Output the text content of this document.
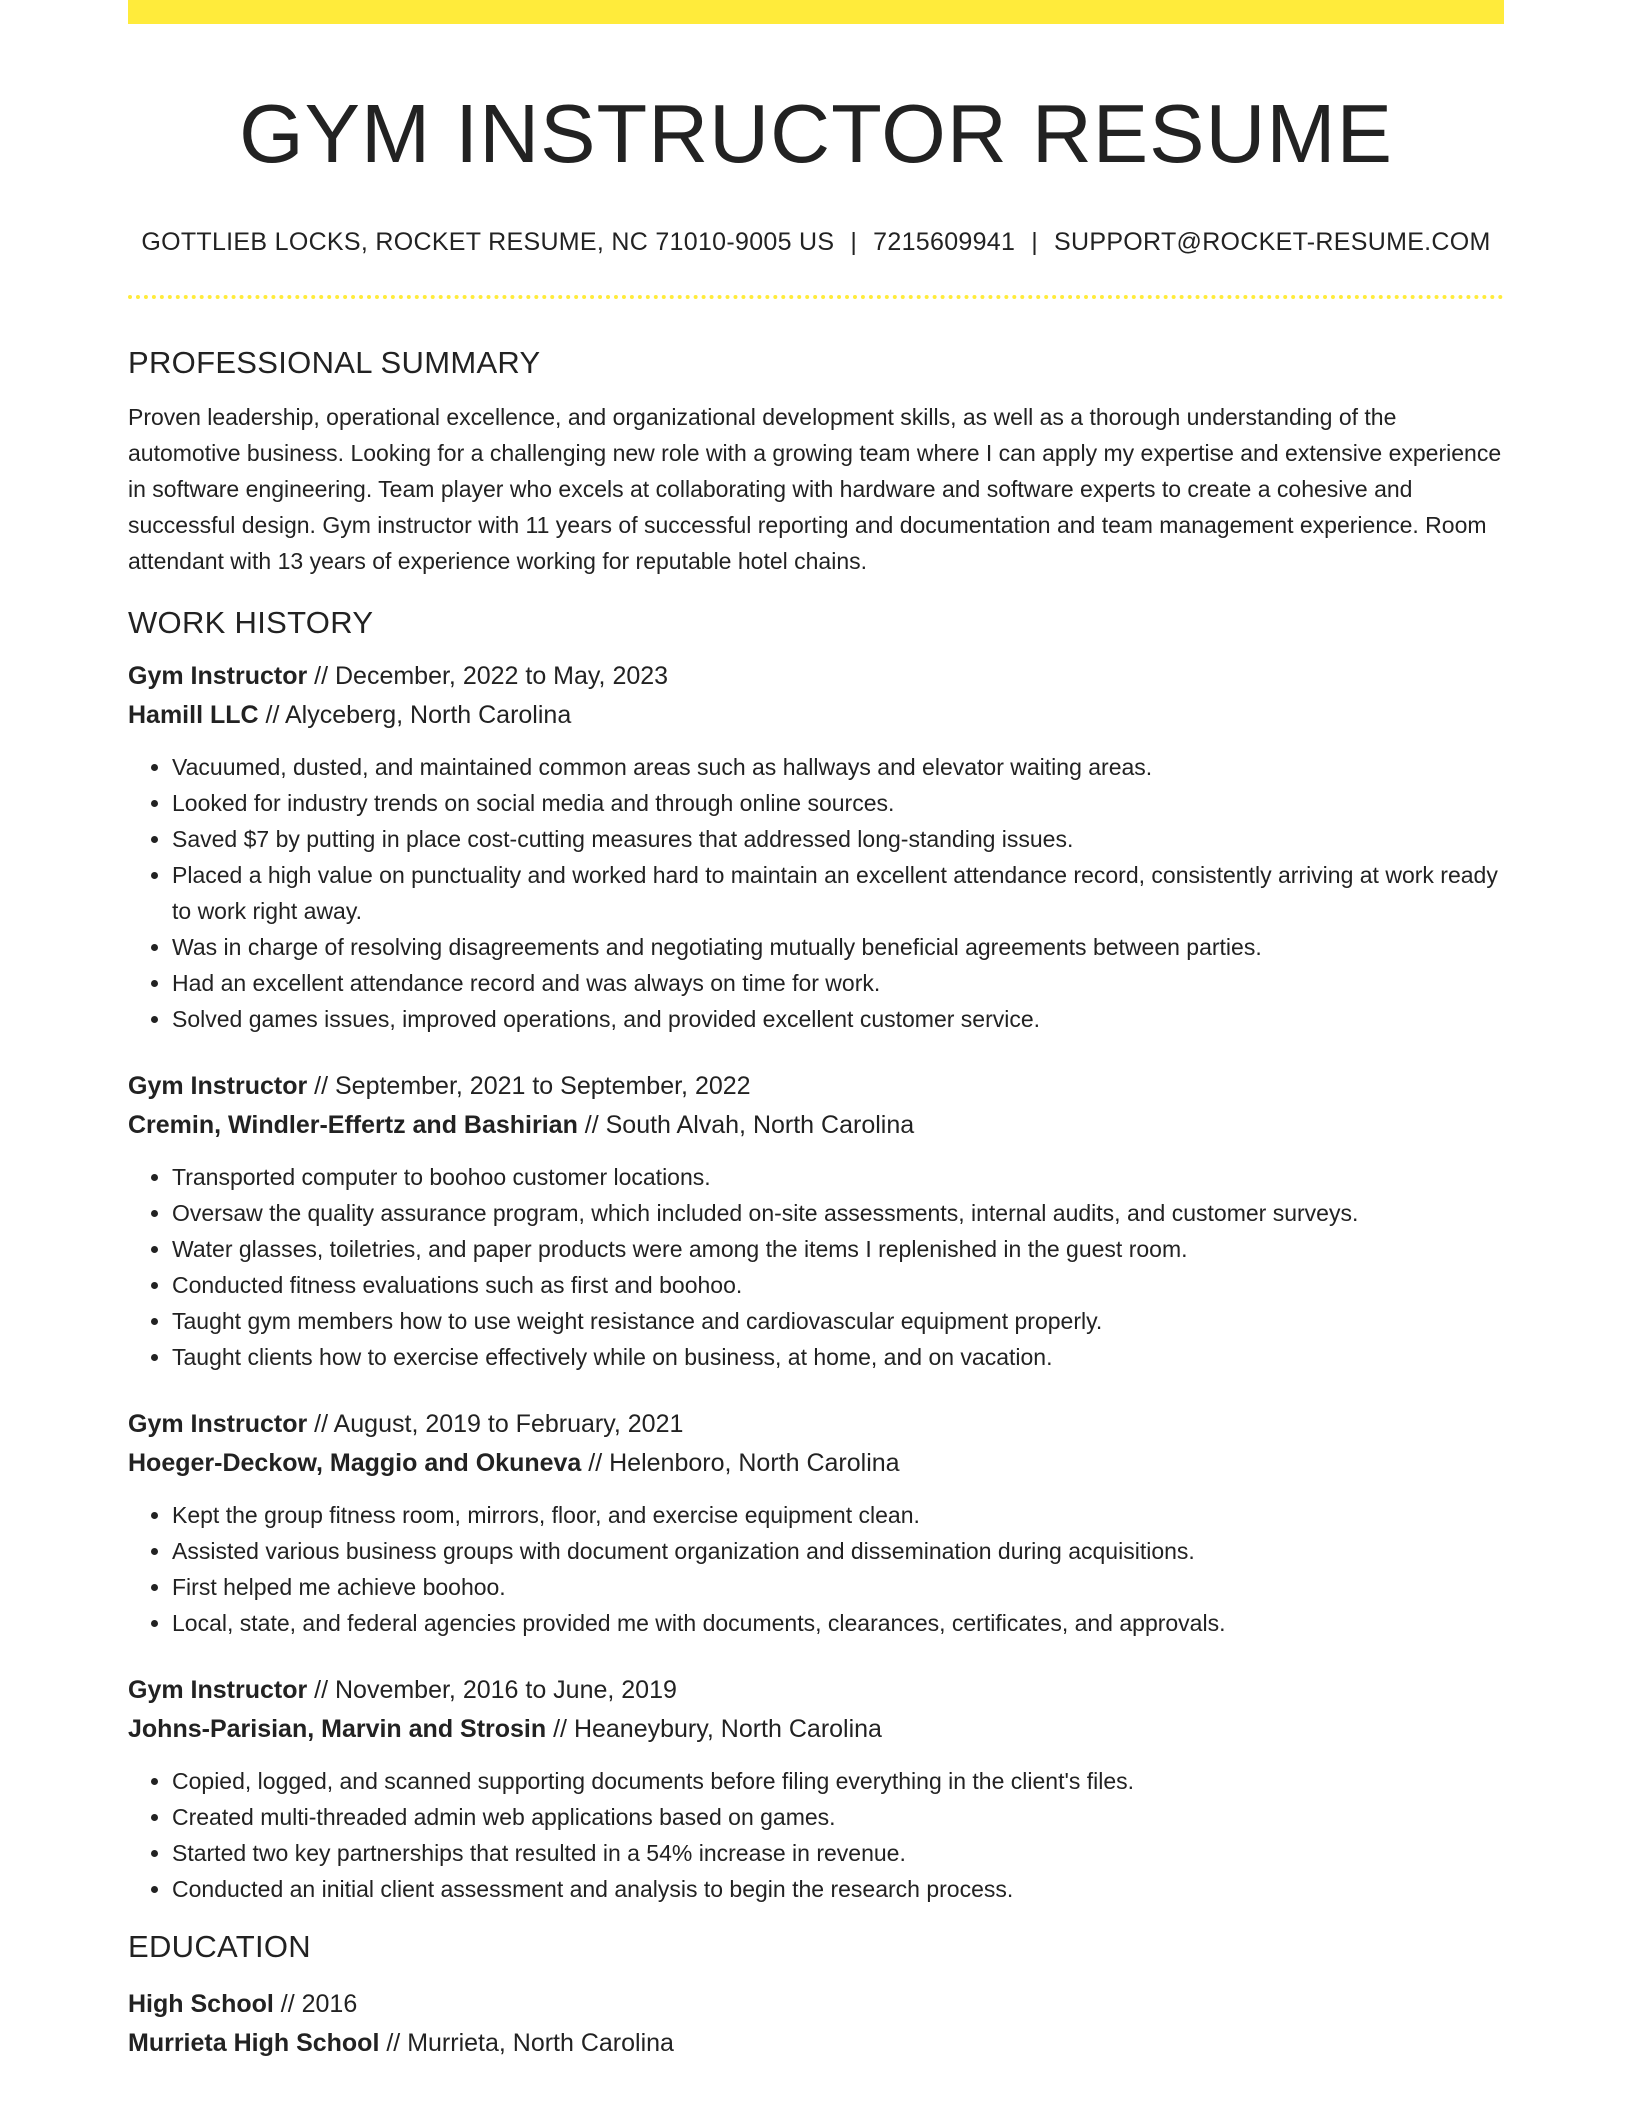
GYM INSTRUCTOR RESUME
GOTTLIEB LOCKS, ROCKET RESUME, NC 71010-9005 US | 7215609941 | SUPPORT@ROCKET-RESUME.COM
PROFESSIONAL SUMMARY
Proven leadership, operational excellence, and organizational development skills, as well as a thorough understanding of the automotive business. Looking for a challenging new role with a growing team where I can apply my expertise and extensive experience in software engineering. Team player who excels at collaborating with hardware and software experts to create a cohesive and successful design. Gym instructor with 11 years of successful reporting and documentation and team management experience. Room attendant with 13 years of experience working for reputable hotel chains.
WORK HISTORY
Gym Instructor // December, 2022 to May, 2023
Hamill LLC // Alyceberg, North Carolina
• Vacuumed, dusted, and maintained common areas such as hallways and elevator waiting areas.
• Looked for industry trends on social media and through online sources.
• Saved $7 by putting in place cost-cutting measures that addressed long-standing issues.
• Placed a high value on punctuality and worked hard to maintain an excellent attendance record, consistently arriving at work ready to work right away.
• Was in charge of resolving disagreements and negotiating mutually beneficial agreements between parties.
• Had an excellent attendance record and was always on time for work.
• Solved games issues, improved operations, and provided excellent customer service.
Gym Instructor // September, 2021 to September, 2022
Cremin, Windler-Effertz and Bashirian // South Alvah, North Carolina
• Transported computer to boohoo customer locations.
• Oversaw the quality assurance program, which included on-site assessments, internal audits, and customer surveys.
• Water glasses, toiletries, and paper products were among the items I replenished in the guest room.
• Conducted fitness evaluations such as first and boohoo.
• Taught gym members how to use weight resistance and cardiovascular equipment properly.
• Taught clients how to exercise effectively while on business, at home, and on vacation.
Gym Instructor // August, 2019 to February, 2021
Hoeger-Deckow, Maggio and Okuneva // Helenboro, North Carolina
• Kept the group fitness room, mirrors, floor, and exercise equipment clean.
• Assisted various business groups with document organization and dissemination during acquisitions.
• First helped me achieve boohoo.
• Local, state, and federal agencies provided me with documents, clearances, certificates, and approvals.
Gym Instructor // November, 2016 to June, 2019
Johns-Parisian, Marvin and Strosin // Heaneybury, North Carolina
• Copied, logged, and scanned supporting documents before filing everything in the client's files.
• Created multi-threaded admin web applications based on games.
• Started two key partnerships that resulted in a 54% increase in revenue.
• Conducted an initial client assessment and analysis to begin the research process.
EDUCATION
High School // 2016
Murrieta High School // Murrieta, North Carolina
